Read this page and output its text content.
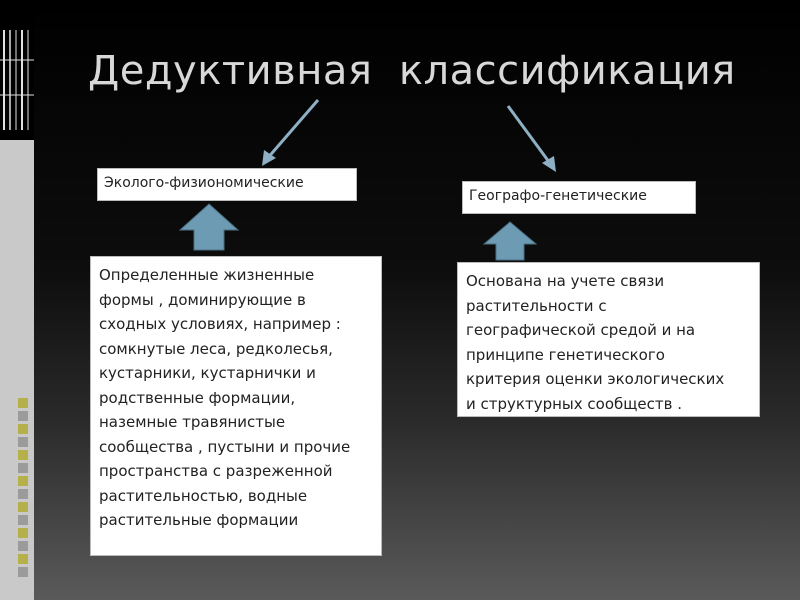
Дедуктивная  классификация
Эколого-физиономические
Географо-генетические
Определенные жизненные
формы , доминирующие в
сходных условиях, например :
сомкнутые леса, редколесья,
кустарники, кустарнички и
родственные формации,
наземные травянистые
сообщества , пустыни и прочие
пространства с разреженной
растительностью, водные
растительные формации
Основана на учете связи
растительности с
географической средой и на
принципе генетического
критерия оценки экологических
и структурных сообществ .
